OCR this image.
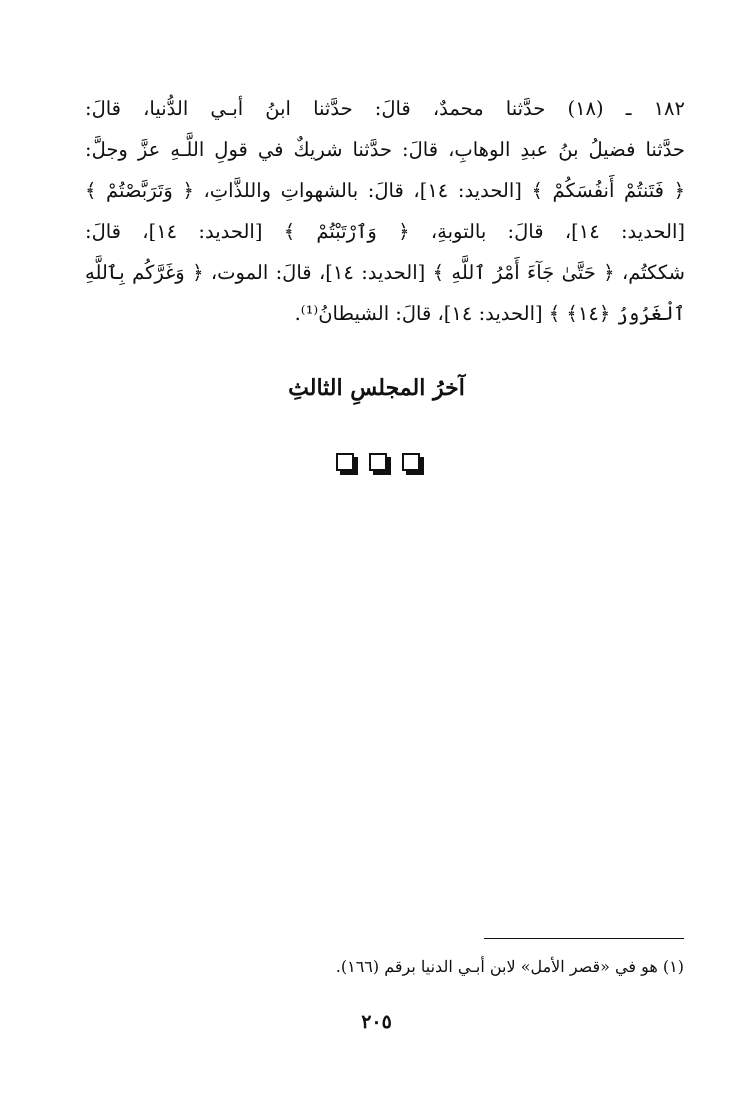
١٨٢ ـ (١٨) حدَّثنا محمدٌ، قالَ: حدَّثنا ابنُ أبـي الدُّنيا، قالَ:
حدَّثنا فضيلُ بنُ عبدِ الوهابِ، قالَ: حدَّثنا شريكٌ في قولِ اللَّـهِ عزَّ وجلَّ:
﴿ فَتَنتُمْ أَنفُسَكُمْ ﴾ [الحديد: ١٤]، قالَ: بالشهواتِ واللذَّاتِ، ﴿ وَتَرَبَّصْتُمْ ﴾
[الحديد: ١٤]، قالَ: بالتوبةِ، ﴿ وَٱرْتَبْتُمْ ﴾ [الحديد: ١٤]، قالَ:
شككتُم، ﴿ حَتَّىٰ جَآءَ أَمْرُ ٱللَّهِ ﴾ [الحديد: ١٤]، قالَ: الموت، ﴿ وَغَرَّكُم بِٱللَّهِ
ٱلْغَرُورُ ﴿١٤﴾ ﴾ [الحديد: ١٤]، قالَ: الشيطانُ⁽¹⁾.
آخرُ المجلسِ الثالثِ
(١) هو في «قصر الأمل» لابن أبـي الدنيا برقم (١٦٦).
٢٠٥
